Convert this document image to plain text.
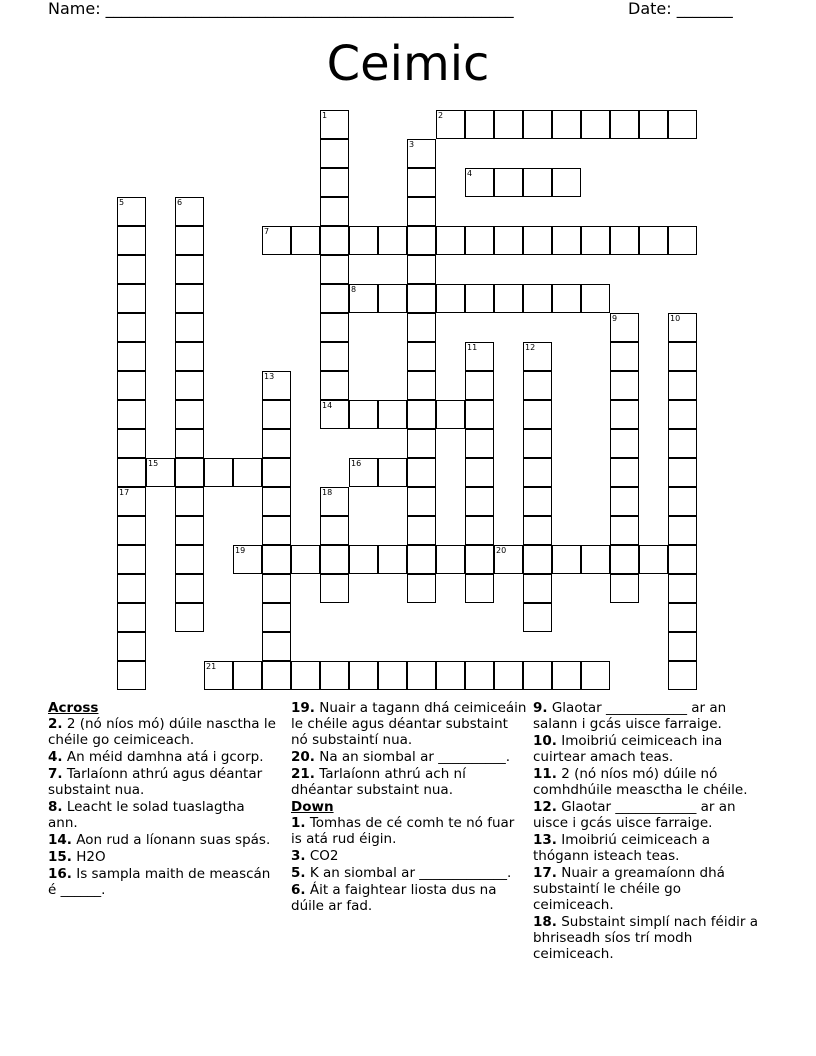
Name: ___________________________________________________	Date: _______
Ceimic
1	2
3
4
5	6
7
8
9	10
11	12
13
14
15	16
17	18
19	20
21
Across
2. 2 (nó níos mó) dúile nasctha le chéile go ceimiceach.
4. An méid damhna atá i gcorp.
7. Tarlaíonn athrú agus déantar substaint nua.
8. Leacht le solad tuaslagtha ann.
14. Aon rud a líonann suas spás.
15. H2O
16. Is sampla maith de meascán é ______.
19. Nuair a tagann dhá ceimiceáin le chéile agus déantar substaint nó substaintí nua.
20. Na an siombal ar __________.
21. Tarlaíonn athrú ach ní dhéantar substaint nua.
Down
1. Tomhas de cé comh te nó fuar is atá rud éigin.
3. CO2
5. K an siombal ar _____________.
6. Áit a faightear liosta dus na dúile ar fad.
9. Glaotar ____________ ar an salann i gcás uisce farraige.
10. Imoibriú ceimiceach ina cuirtear amach teas.
11. 2 (nó níos mó) dúile nó comhdhúile measctha le chéile.
12. Glaotar ____________ ar an uisce i gcás uisce farraige.
13. Imoibriú ceimiceach a thógann isteach teas.
17. Nuair a greamaíonn dhá substaintí le chéile go ceimiceach.
18. Substaint simplí nach féidir a bhriseadh síos trí modh ceimiceach.
